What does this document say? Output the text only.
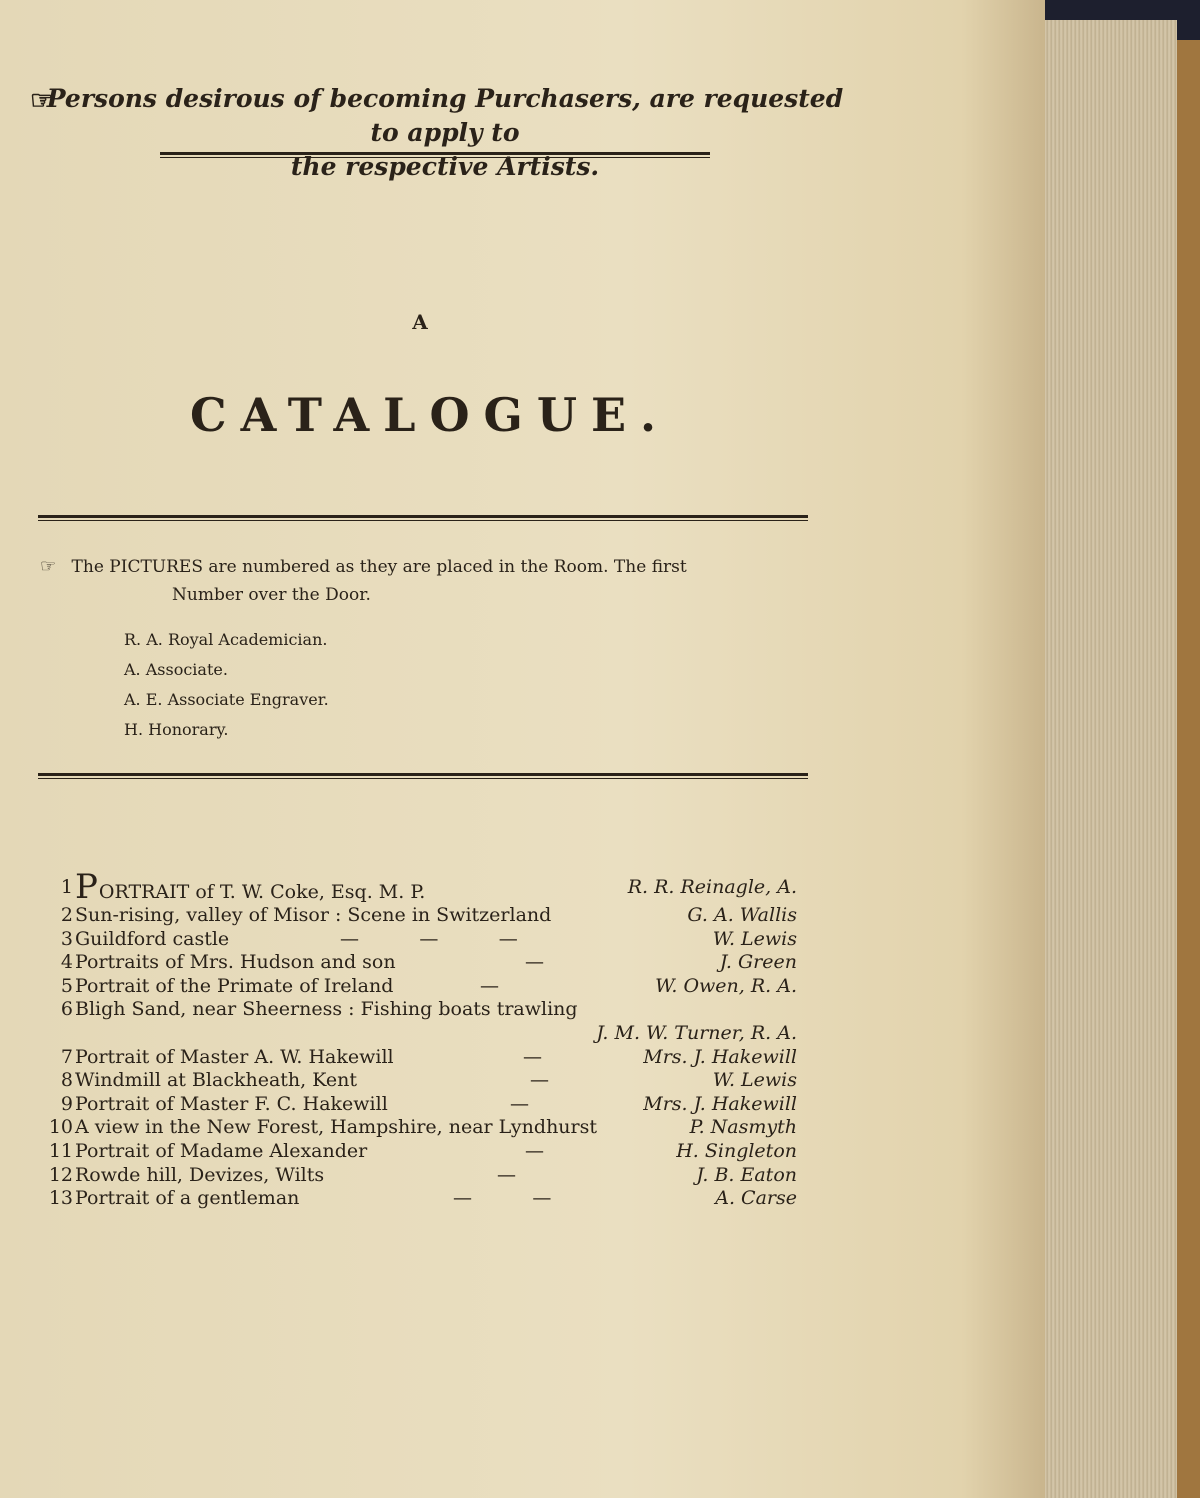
☞
Persons desirous of becoming Purchasers, are requested to apply to
the respective Artists.
A
CATALOGUE.
☞ The PICTURES are numbered as they are placed in the Room. The first
Number over the Door.
R. A. Royal Academician.
A. Associate.
A. E. Associate Engraver.
H. Honorary.
1 PORTRAIT of T. W. Coke, Esq. M. P.	R. R. Reinagle, A.
2 Sun-rising, valley of Misor : Scene in Switzerland	G. A. Wallis
3 Guildford castle	—          —          —	W. Lewis
4 Portraits of Mrs. Hudson and son	—	J. Green
5 Portrait of the Primate of Ireland	—	W. Owen, R. A.
6 Bligh Sand, near Sheerness : Fishing boats trawling
J. M. W. Turner, R. A.
7 Portrait of Master A. W. Hakewill	—	Mrs. J. Hakewill
8 Windmill at Blackheath, Kent	—	W. Lewis
9 Portrait of Master F. C. Hakewill	—	Mrs. J. Hakewill
10 A view in the New Forest, Hampshire, near Lyndhurst	P. Nasmyth
11 Portrait of Madame Alexander	—	H. Singleton
12 Rowde hill, Devizes, Wilts	—	J. B. Eaton
13 Portrait of a gentleman	—          —	A. Carse
